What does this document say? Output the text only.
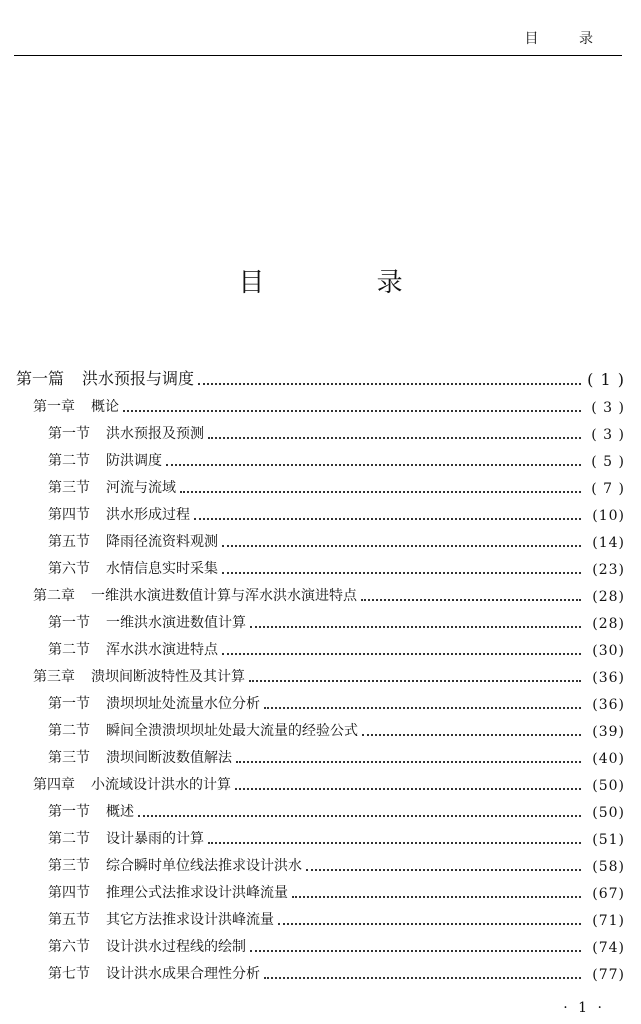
目 录
目 录
第一篇	洪水预报与调度	( 1 )
第一章	概论	( 3 )
第一节	洪水预报及预测	( 3 )
第二节	防洪调度	( 5 )
第三节	河流与流域	( 7 )
第四节	洪水形成过程	(10)
第五节	降雨径流资料观测	(14)
第六节	水情信息实时采集	(23)
第二章	一维洪水演进数值计算与浑水洪水演进特点	(28)
第一节	一维洪水演进数值计算	(28)
第二节	浑水洪水演进特点	(30)
第三章	溃坝间断波特性及其计算	(36)
第一节	溃坝坝址处流量水位分析	(36)
第二节	瞬间全溃溃坝坝址处最大流量的经验公式	(39)
第三节	溃坝间断波数值解法	(40)
第四章	小流域设计洪水的计算	(50)
第一节	概述	(50)
第二节	设计暴雨的计算	(51)
第三节	综合瞬时单位线法推求设计洪水	(58)
第四节	推理公式法推求设计洪峰流量	(67)
第五节	其它方法推求设计洪峰流量	(71)
第六节	设计洪水过程线的绘制	(74)
第七节	设计洪水成果合理性分析	(77)
· 1 ·
